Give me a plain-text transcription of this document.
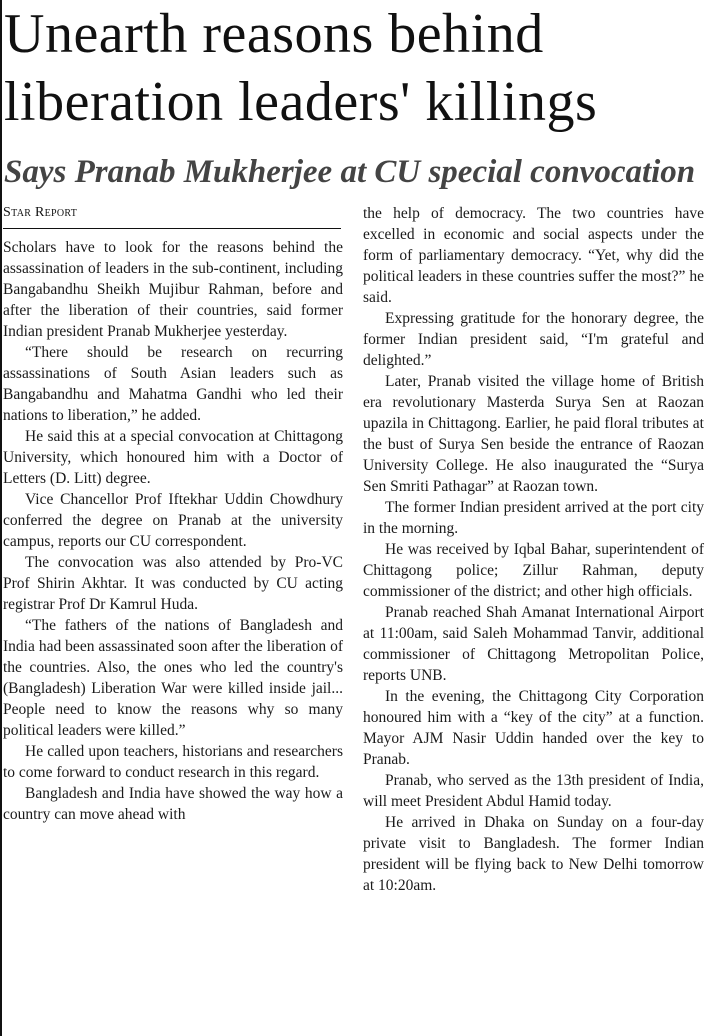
Unearth reasons behind liberation leaders' killings
Says Pranab Mukherjee at CU special convocation
Star Report

Scholars have to look for the reasons behind the assassination of leaders in the sub-continent, including Bangabandhu Sheikh Mujibur Rahman, before and after the liberation of their countries, said former Indian president Pranab Mukherjee yesterday.

“There should be research on recurring assassinations of South Asian leaders such as Bangabandhu and Mahatma Gandhi who led their nations to liberation,” he added.

He said this at a special convocation at Chittagong University, which honoured him with a Doctor of Letters (D. Litt) degree.

Vice Chancellor Prof Iftekhar Uddin Chowdhury conferred the degree on Pranab at the university campus, reports our CU correspondent.

The convocation was also attended by Pro-VC Prof Shirin Akhtar. It was conducted by CU acting registrar Prof Dr Kamrul Huda.

“The fathers of the nations of Bangladesh and India had been assassinated soon after the liberation of the countries. Also, the ones who led the country's (Bangladesh) Liberation War were killed inside jail... People need to know the reasons why so many political leaders were killed.”

He called upon teachers, historians and researchers to come forward to conduct research in this regard.

Bangladesh and India have showed the way how a country can move ahead with

the help of democracy. The two countries have excelled in economic and social aspects under the form of parliamentary democracy. “Yet, why did the political leaders in these countries suffer the most?” he said.

Expressing gratitude for the honorary degree, the former Indian president said, “I'm grateful and delighted.”

Later, Pranab visited the village home of British era revolutionary Masterda Surya Sen at Raozan upazila in Chittagong. Earlier, he paid floral tributes at the bust of Surya Sen beside the entrance of Raozan University College. He also inaugurated the “Surya Sen Smriti Pathagar” at Raozan town.

The former Indian president arrived at the port city in the morning.

He was received by Iqbal Bahar, superintendent of Chittagong police; Zillur Rahman, deputy commissioner of the district; and other high officials.

Pranab reached Shah Amanat International Airport at 11:00am, said Saleh Mohammad Tanvir, additional commissioner of Chittagong Metropolitan Police, reports UNB.

In the evening, the Chittagong City Corporation honoured him with a “key of the city” at a function. Mayor AJM Nasir Uddin handed over the key to Pranab.

Pranab, who served as the 13th president of India, will meet President Abdul Hamid today.

He arrived in Dhaka on Sunday on a four-day private visit to Bangladesh. The former Indian president will be flying back to New Delhi tomorrow at 10:20am.
